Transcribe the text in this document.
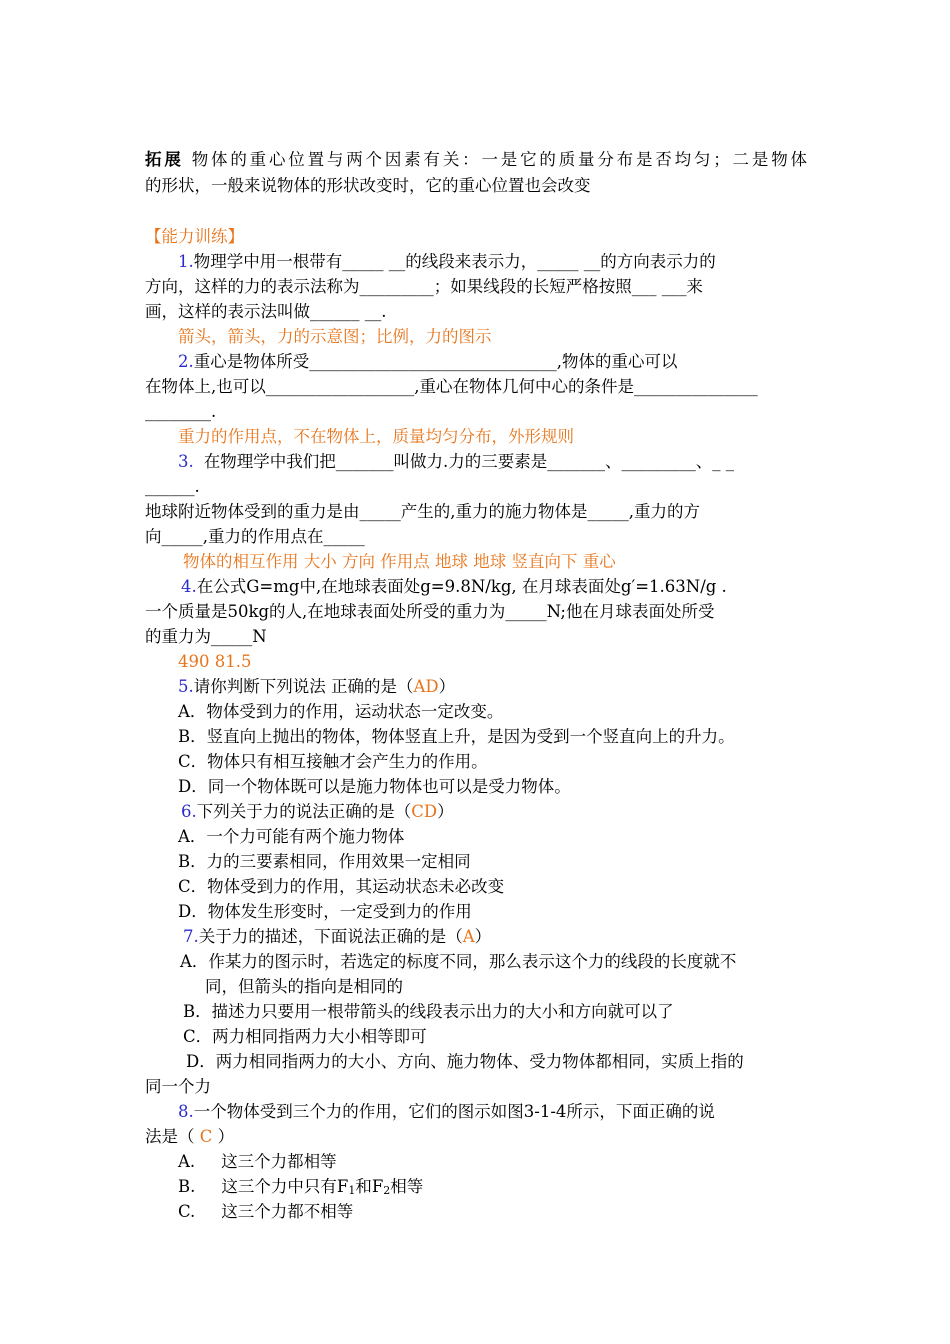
拓展 物体的重心位置与两个因素有关：一是它的质量分布是否均匀；二是物体
的形状，一般来说物体的形状改变时，它的重心位置也会改变
【能力训练】
1.物理学中用一根带有_____ __的线段来表示力，_____ __的方向表示力的
方向，这样的力的表示法称为_________；如果线段的长短严格按照___ ___来
画，这样的表示法叫做______ __.
箭头，箭头，力的示意图；比例，力的图示
2.重心是物体所受______________________________,物体的重心可以
在物体上,也可以__________________,重心在物体几何中心的条件是_______________
________.
重力的作用点，不在物体上，质量均匀分布，外形规则
3. 在物理学中我们把_______叫做力.力的三要素是_______、_________、_ _
______.
地球附近物体受到的重力是由_____产生的,重力的施力物体是_____,重力的方
向_____,重力的作用点在_____
物体的相互作用 大小 方向 作用点 地球 地球 竖直向下 重心
4.在公式G=mg中,在地球表面处g=9.8N/kg, 在月球表面处g′=1.63N/g .
一个质量是50kg的人,在地球表面处所受的重力为_____N;他在月球表面处所受
的重力为_____N
490 81.5
5.请你判断下列说法 正确的是（AD）
A．物体受到力的作用，运动状态一定改变。
B．竖直向上抛出的物体，物体竖直上升，是因为受到一个竖直向上的升力。
C．物体只有相互接触才会产生力的作用。
D．同一个物体既可以是施力物体也可以是受力物体。
6.下列关于力的说法正确的是（CD）
A．一个力可能有两个施力物体
B．力的三要素相同，作用效果一定相同
C．物体受到力的作用，其运动状态未必改变
D．物体发生形变时，一定受到力的作用
7.关于力的描述，下面说法正确的是（A）
A．作某力的图示时，若选定的标度不同，那么表示这个力的线段的长度就不
同，但箭头的指向是相同的
B．描述力只要用一根带箭头的线段表示出力的大小和方向就可以了
C．两力相同指两力大小相等即可
D．两力相同指两力的大小、方向、施力物体、受力物体都相同，实质上指的
同一个力
8.一个物体受到三个力的作用，它们的图示如图3-1-4所示，下面正确的说
法是（ C ）
A. 这三个力都相等
B. 这三个力中只有$F_1$和$F_2$相等
C. 这三个力都不相等
